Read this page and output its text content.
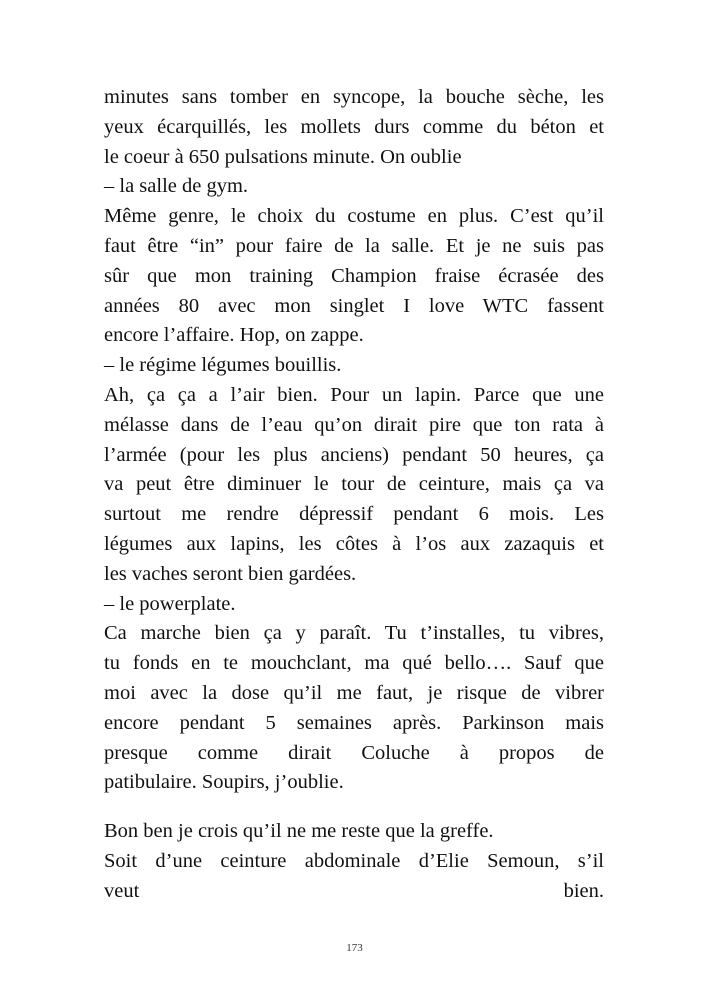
minutes sans tomber en syncope, la bouche sèche, les
yeux écarquillés, les mollets durs comme du béton et
le coeur à 650 pulsations minute. On oublie
– la salle de gym.
Même genre, le choix du costume en plus. C’est qu’il
faut être “in” pour faire de la salle. Et je ne suis pas
sûr que mon training Champion fraise écrasée des
années 80 avec mon singlet I love WTC fassent
encore l’affaire. Hop, on zappe.
– le régime légumes bouillis.
Ah, ça ça a l’air bien. Pour un lapin. Parce que une
mélasse dans de l’eau qu’on dirait pire que ton rata à
l’armée (pour les plus anciens) pendant 50 heures, ça
va peut être diminuer le tour de ceinture, mais ça va
surtout me rendre dépressif pendant 6 mois. Les
légumes aux lapins, les côtes à l’os aux zazaquis et
les vaches seront bien gardées.
– le powerplate.
Ca marche bien ça y paraît. Tu t’installes, tu vibres,
tu fonds en te mouchclant, ma qué bello…. Sauf que
moi avec la dose qu’il me faut, je risque de vibrer
encore pendant 5 semaines après. Parkinson mais
presque comme dirait Coluche à propos de
patibulaire. Soupirs, j’oublie.
Bon ben je crois qu’il ne me reste que la greffe.
Soit d’une ceinture abdominale d’Elie Semoun, s’il
veut bien.
173
